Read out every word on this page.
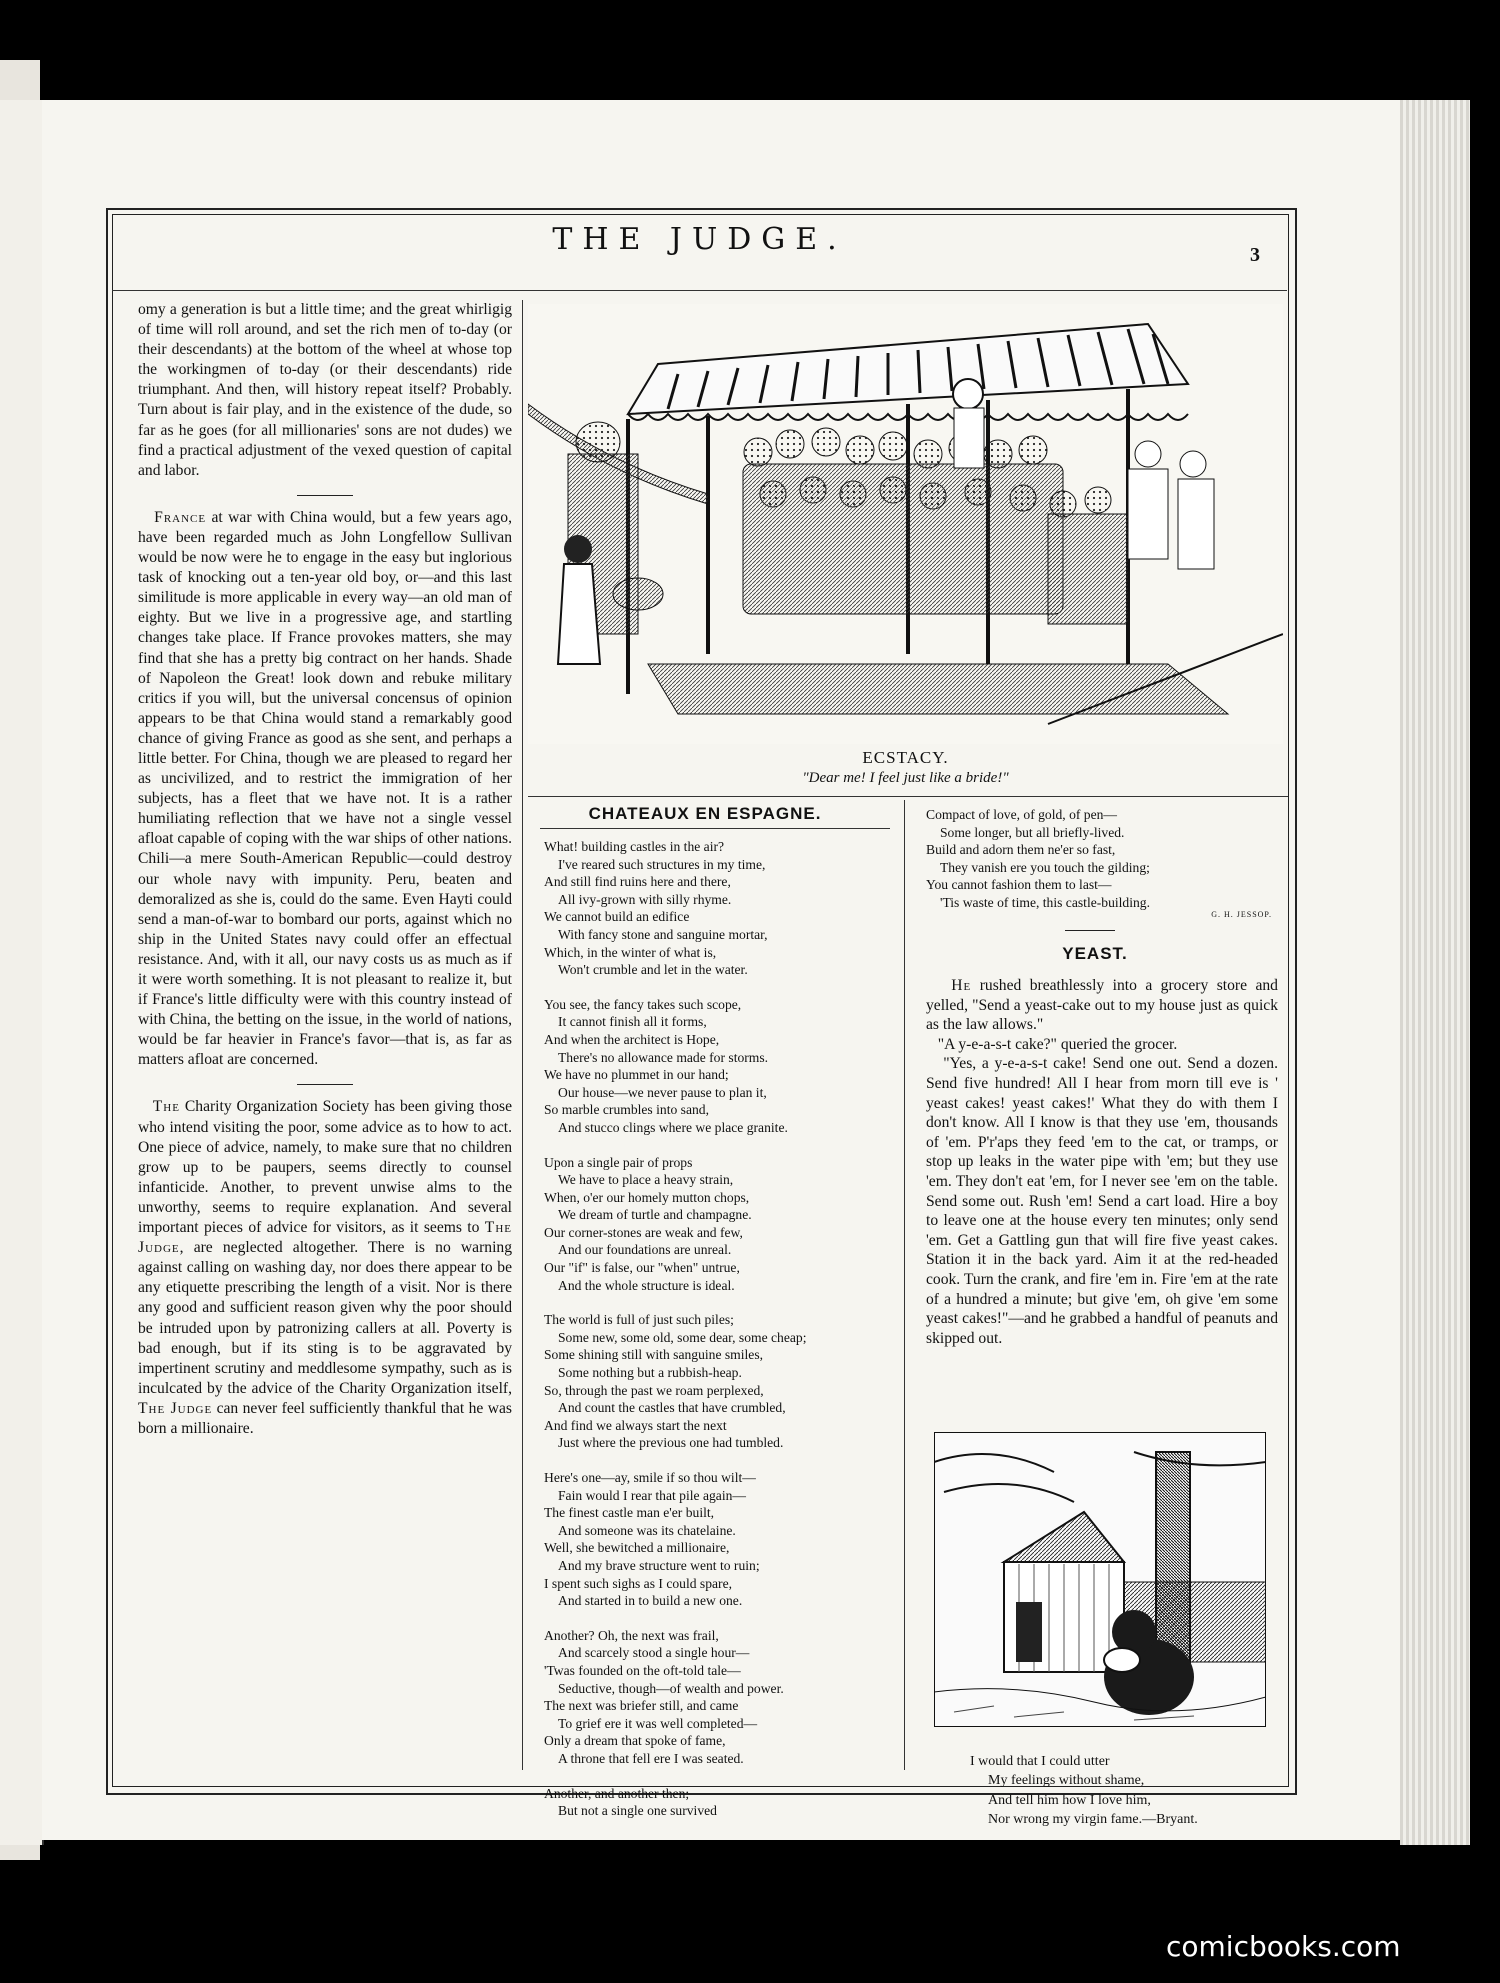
THE JUDGE.	3

omy a generation is but a little time; and the great whirligig of time will roll around, and set the rich men of to-day (or their descendants) at the bottom of the wheel at whose top the workingmen of to-day (or their descendants) ride triumphant. And then, will history repeat itself? Probably. Turn about is fair play, and in the existence of the dude, so far as he goes (for all millionaries' sons are not dudes) we find a practical adjustment of the vexed question of capital and labor.

France at war with China would, but a few years ago, have been regarded much as John Longfellow Sullivan would be now were he to engage in the easy but inglorious task of knocking out a ten-year old boy, or—and this last similitude is more applicable in every way—an old man of eighty. But we live in a progressive age, and startling changes take place. If France provokes matters, she may find that she has a pretty big contract on her hands. Shade of Napoleon the Great! look down and rebuke military critics if you will, but the universal concensus of opinion appears to be that China would stand a remarkably good chance of giving France as good as she sent, and perhaps a little better. For China, though we are pleased to regard her as uncivilized, and to restrict the immigration of her subjects, has a fleet that we have not. It is a rather humiliating reflection that we have not a single vessel afloat capable of coping with the war ships of other nations. Chili—a mere South-American Republic—could destroy our whole navy with impunity. Peru, beaten and demoralized as she is, could do the same. Even Hayti could send a man-of-war to bombard our ports, against which no ship in the United States navy could offer an effectual resistance. And, with it all, our navy costs us as much as if it were worth something. It is not pleasant to realize it, but if France's little difficulty were with this country instead of with China, the betting on the issue, in the world of nations, would be far heavier in France's favor—that is, as far as matters afloat are concerned.

The Charity Organization Society has been giving those who intend visiting the poor, some advice as to how to act. One piece of advice, namely, to make sure that no children grow up to be paupers, seems directly to counsel infanticide. Another, to prevent unwise alms to the unworthy, seems to require explanation. And several important pieces of advice for visitors, as it seems to The Judge, are neglected altogether. There is no warning against calling on washing day, nor does there appear to be any etiquette prescribing the length of a visit. Nor is there any good and sufficient reason given why the poor should be intruded upon by patronizing callers at all. Poverty is bad enough, but if its sting is to be aggravated by impertinent scrutiny and meddlesome sympathy, such as is inculcated by the advice of the Charity Organization itself, The Judge can never feel sufficiently thankful that he was born a millionaire.

ECSTACY.
"Dear me! I feel just like a bride!"
CHATEAUX EN ESPAGNE.
What! building castles in the air?
I've reared such structures in my time,
And still find ruins here and there,
All ivy-grown with silly rhyme.
We cannot build an edifice
With fancy stone and sanguine mortar,
Which, in the winter of what is,
Won't crumble and let in the water.
You see, the fancy takes such scope,
It cannot finish all it forms,
And when the architect is Hope,
There's no allowance made for storms.
We have no plummet in our hand;
Our house—we never pause to plan it,
So marble crumbles into sand,
And stucco clings where we place granite.
Upon a single pair of props
We have to place a heavy strain,
When, o'er our homely mutton chops,
We dream of turtle and champagne.
Our corner-stones are weak and few,
And our foundations are unreal.
Our "if" is false, our "when" untrue,
And the whole structure is ideal.
The world is full of just such piles;
Some new, some old, some dear, some cheap;
Some shining still with sanguine smiles,
Some nothing but a rubbish-heap.
So, through the past we roam perplexed,
And count the castles that have crumbled,
And find we always start the next
Just where the previous one had tumbled.
Here's one—ay, smile if so thou wilt—
Fain would I rear that pile again—
The finest castle man e'er built,
And someone was its chatelaine.
Well, she bewitched a millionaire,
And my brave structure went to ruin;
I spent such sighs as I could spare,
And started in to build a new one.
Another? Oh, the next was frail,
And scarcely stood a single hour—
'Twas founded on the oft-told tale—
Seductive, though—of wealth and power.
The next was briefer still, and came
To grief ere it was well completed—
Only a dream that spoke of fame,
A throne that fell ere I was seated.
Another, and another then;
But not a single one survived
Compact of love, of gold, of pen—
Some longer, but all briefly-lived.
Build and adorn them ne'er so fast,
They vanish ere you touch the gilding;
You cannot fashion them to last—
'Tis waste of time, this castle-building.
G. H. JESSOP.
YEAST.

He rushed breathlessly into a grocery store and yelled, "Send a yeast-cake out to my house just as quick as the law allows."

"A y-e-a-s-t cake?" queried the grocer.

"Yes, a y-e-a-s-t cake! Send one out. Send a dozen. Send five hundred! All I hear from morn till eve is ' yeast cakes! yeast cakes!' What they do with them I don't know. All I know is that they use 'em, thousands of 'em. P'r'aps they feed 'em to the cat, or tramps, or stop up leaks in the water pipe with 'em; but they use 'em. They don't eat 'em, for I never see 'em on the table. Send some out. Rush 'em! Send a cart load. Hire a boy to leave one at the house every ten minutes; only send 'em. Get a Gattling gun that will fire five yeast cakes. Station it in the back yard. Aim it at the red-headed cook. Turn the crank, and fire 'em in. Fire 'em at the rate of a hundred a minute; but give 'em, oh give 'em some yeast cakes!"—and he grabbed a handful of peanuts and skipped out.

I would that I could utter
My feelings without shame,
And tell him how I love him,
Nor wrong my virgin fame.—Bryant.
comicbooks.com
